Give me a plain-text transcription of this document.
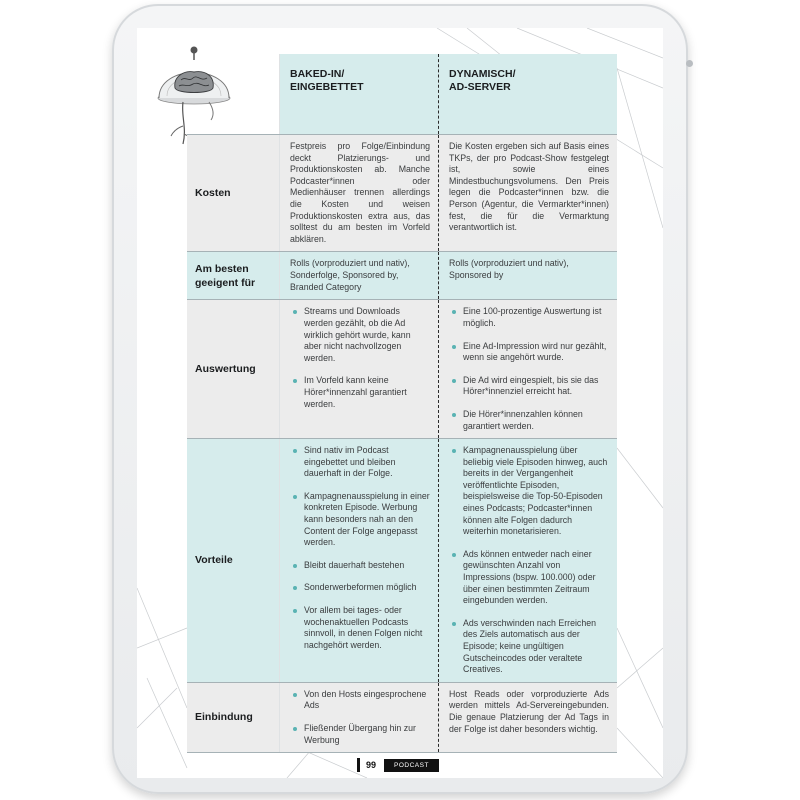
BAKED-IN/
EINGEBETTET
DYNAMISCH/
AD-SERVER
Kosten
Festpreis pro Folge/Einbindung deckt Platzierungs- und Produktionskosten ab. Manche Podcaster*innen oder Medienhäuser trennen allerdings die Kosten und weisen Produktionskosten extra aus, das solltest du am besten im Vorfeld abklären.
Die Kosten ergeben sich auf Basis eines TKPs, der pro Podcast-Show festgelegt ist, sowie eines Mindestbuchungsvolumens. Den Preis legen die Podcaster*innen bzw. die Person (Agentur, die Vermarkter*innen) fest, die für die Vermarktung verantwortlich ist.
Am besten geeigent für
Rolls (vorproduziert und nativ), Sonderfolge, Sponsored by, Branded Category
Rolls (vorproduziert und nativ), Sponsored by
Auswertung
Streams und Downloads werden gezählt, ob die Ad wirklich gehört wurde, kann aber nicht nachvollzogen werden.
Im Vorfeld kann keine Hörer*innenzahl garantiert werden.
Eine 100-prozentige Auswertung ist möglich.
Eine Ad-Impression wird nur gezählt, wenn sie angehört wurde.
Die Ad wird eingespielt, bis sie das Hörer*innenziel erreicht hat.
Die Hörer*innenzahlen können garantiert werden.
Vorteile
Sind nativ im Podcast eingebettet und bleiben dauerhaft in der Folge.
Kampagnenausspielung in einer konkreten Episode. Werbung kann besonders nah an den Content der Folge angepasst werden.
Bleibt dauerhaft bestehen
Sonderwerbeformen möglich
Vor allem bei tages- oder wochenaktuellen Podcasts sinnvoll, in denen Folgen nicht nachgehört werden.
Kampagnenausspielung über beliebig viele Episoden hinweg, auch bereits in der Vergangenheit veröffentlichte Episoden, beispielsweise die Top-50-Episoden eines Podcasts; Podcaster*innen können alte Folgen dadurch weiterhin monetarisieren.
Ads können entweder nach einer gewünschten Anzahl von Impressions (bspw. 100.000) oder über einen bestimmten Zeitraum eingebunden werden.
Ads verschwinden nach Erreichen des Ziels automatisch aus der Episode; keine ungültigen Gutscheincodes oder veraltete Creatives.
Einbindung
Von den Hosts eingesprochene Ads
Fließender Übergang hin zur Werbung
Host Reads oder vorproduzierte Ads werden mittels Ad-Servereingebunden. Die genaue Platzierung der Ad Tags in der Folge ist daher besonders wichtig.
99	PODCAST
